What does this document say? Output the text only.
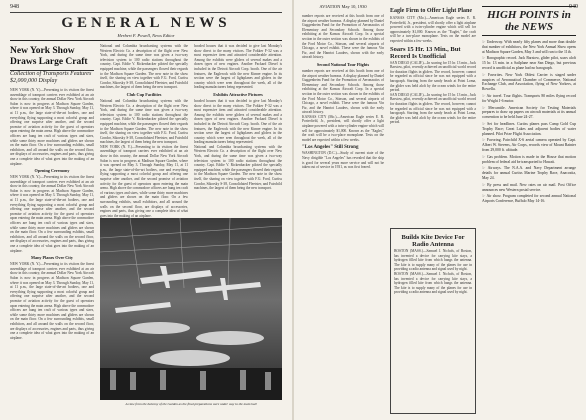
948
GENERAL NEWS
Herbert F. Powell, News Editor
New York Show Draws Large Craft
Collection of Transports Features $2,000,000 Display
NEW YORK (N. Y.)—Presenting to its visitors the finest assemblage of transport carriers ever exhibited at an air show in this country, the annual Dollar New York Aircraft Salon is now in progress at Madison Square Garden, where it was opened on May 3. Through Sunday, May 11, at 11 p.m., the large state-of-the-art bodiers, one and everything flying supporting a most colorful group and offering one surprise after another, and the second promise of aviation activity for the guest of operators upon entering the main arena. High above the commodore officers are hung ten craft of various types and sizes, while some thirty more machines and gliders are shown on the main floor. On a few surrounding exhibits, small exhibitors, and all around the walls on the second floor, are displays of accessories, engines and parts, thus giving one a complete idea of what goes into the making of an airplane.
Opening Ceremony
NEW YORK (N. Y.)—Presenting to its visitors the finest assemblage of transport carriers ever exhibited at an air show in this country, the annual Dollar New York Aircraft Salon is now in progress at Madison Square Garden, where it was opened on May 3. Through Sunday, May 11, at 11 p.m., the large state-of-the-art bodiers, one and everything flying supporting a most colorful group and offering one surprise after another, and the second promise of aviation activity for the guest of operators upon entering the main arena. High above the commodore officers are hung ten craft of various types and sizes, while some thirty more machines and gliders are shown on the main floor. On a few surrounding exhibits, small exhibitors, and all around the walls on the second floor, are displays of accessories, engines and parts, thus giving one a complete idea of what goes into the making of an airplane.
Many Planes Over City
NEW YORK (N. Y.)—Presenting to its visitors the finest assemblage of transport carriers ever exhibited at an air show in this country, the annual Dollar New York Aircraft Salon is now in progress at Madison Square Garden, where it was opened on May 3. Through Sunday, May 11, at 11 p.m., the large state-of-the-art bodiers, one and everything flying supporting a most colorful group and offering one surprise after another, and the second promise of aviation activity for the guest of operators upon entering the main arena. High above the commodore officers are hung ten craft of various types and sizes, while some thirty more machines and gliders are shown on the main floor. On a few surrounding exhibits, small exhibitors, and all around the walls on the second floor, are displays of accessories, engines and parts, thus giving one a complete idea of what goes into the making of an airplane.
National and Columbia broadcasting systems with the Western Electric Co. a description of the flight over New York, and during the same time was given a two-way television system to 100 radio stations throughout the country. Capt. Eddie V. Rickenbacker piloted the specially equipped machine, while the passengers flowed their regards to the Madison Square Garden. The new note in the show itself, the sharing on view together with F.G. Ford, Curtiss Condor, Sikorsky S-38, Consolidated Fleetster, and Fairchild machines, the largest of them being the new transport.
Club Cup Facilities
National and Columbia broadcasting systems with the Western Electric Co. a description of the flight over New York, and during the same time was given a two-way television system to 100 radio stations throughout the country. Capt. Eddie V. Rickenbacker piloted the specially equipped machine, while the passengers flowed their regards to the Madison Square Garden. The new note in the show itself, the sharing on view together with F.G. Ford, Curtiss Condor, Sikorsky S-38, Consolidated Fleetster, and Fairchild machines, the largest of them being the new transport.
NEW YORK (N. Y.)—Presenting to its visitors the finest assemblage of transport carriers ever exhibited at an air show in this country, the annual Dollar New York Aircraft Salon is now in progress at Madison Square Garden, where it was opened on May 3. Through Sunday, May 11, at 11 p.m., the large state-of-the-art bodiers, one and everything flying supporting a most colorful group and offering one surprise after another, and the second promise of aviation activity for the guest of operators upon entering the main arena. High above the commodore officers are hung ten craft of various types and sizes, while some thirty more machines and gliders are shown on the main floor. On a few surrounding exhibits, small exhibitors, and all around the walls on the second floor, are displays of accessories, engines and parts, thus giving one a complete idea of what goes into the making of an airplane.
hooded houses that it was decided to give last Monday's show direct to the many visitors. The Fokker F-32 was a most expensive item and attracted considerable attention. Among the exhibits were gliders of several makes and a dozen types of new engines. Another Packard Diesel is included in the Detroit Aircraft Corp. booth. One of the air features, the Eaglerock with the new Kinner engine. In its section were the largest of lightplanes and gliders in the country which were seen throughout the week, all of the leading manufacturers being represented.
Exhibits Attractive Pictures
hooded houses that it was decided to give last Monday's show direct to the many visitors. The Fokker F-32 was a most expensive item and attracted considerable attention. Among the exhibits were gliders of several makes and a dozen types of new engines. Another Packard Diesel is included in the Detroit Aircraft Corp. booth. One of the air features, the Eaglerock with the new Kinner engine. In its section were the largest of lightplanes and gliders in the country which were seen throughout the week, all of the leading manufacturers being represented.
National and Columbia broadcasting systems with the Western Electric Co. a description of the flight over New York, and during the same time was given a two-way television system to 100 radio stations throughout the country. Capt. Eddie V. Rickenbacker piloted the specially equipped machine, while the passengers flowed their regards to the Madison Square Garden. The new note in the show itself, the sharing on view together with F.G. Ford, Curtiss Condor, Sikorsky S-38, Consolidated Fleetster, and Fairchild machines, the largest of them being the new transport.
A view from the balcony of the Garden as the final preparations were under way to the main hall
949
AVIATION May 10, 1930
number reports are received at this booth from one of the airport weather bureaus. A display planned by Daniel Guggenheim Fund for the Promotion of Aeronautics of Elementary and Secondary Schools. Among those exhibiting at the Kansas Aircraft Corp. In a special section in the outer section was shown in the exhibits of the Ford Motor Co., Stinson, and several airports of Chicago, a novel exhibit. These were the famous Vin Fiz, and the Hanriot Lauders, shown with the early aircraft history.
Second National Tour Flights
number reports are received at this booth from one of the airport weather bureaus. A display planned by Daniel Guggenheim Fund for the Promotion of Aeronautics of Elementary and Secondary Schools. Among those exhibiting at the Kansas Aircraft Corp. In a special section in the outer section was shown in the exhibits of the Ford Motor Co., Stinson, and several airports of Chicago, a novel exhibit. These were the famous Vin Fiz, and the Hanriot Lauders, shown with the early aircraft history.
KANSAS CITY (Mo.)—American Eagle series E. R. Porterfield, Jr., president, will shortly offer a light airplane powered with a twin-cylinder engine which will sell for approximately $1,000. Known as the "Eaglet," the craft will be a two-place monoplane. Tests on the model are expected within a few weeks.
"Los Angeles" Still Strong
WASHINGTON (D.C.)—Study of current state of the Navy dirigible "Los Angeles" has revealed that the ship is good for several years more service and will not be taken out of service in 1931, as was first feared.
Eagle Firm to Offer Light Plane
KANSAS CITY (Mo.)—American Eagle series E. R. Porterfield, Jr., president, will shortly offer a light airplane powered with a twin-cylinder engine which will sell for approximately $1,000. Known as the "Eaglet," the craft will be a two-place monoplane. Tests on the model are expected within a few weeks.
Soars 15 Hr. 13 Min., But Record Is Unofficial
SAN DIEGO (CALIF.)—In soaring for 15 hr. 13 min., Jack Barstow, pilot, recently achieved an unofficial world record for duration flights in gliders. The record, however, cannot be regarded as official since he was not equipped with a barograph. Starting from the sandy beach at Point Loma, the glider was held aloft by the ocean winds for the entire period.
SAN DIEGO (CALIF.)—In soaring for 15 hr. 13 min., Jack Barstow, pilot, recently achieved an unofficial world record for duration flights in gliders. The record, however, cannot be regarded as official since he was not equipped with a barograph. Starting from the sandy beach at Point Loma, the glider was held aloft by the ocean winds for the entire period.
Builds Kite Device For Radio Antenna
BOSTON (MASS.)—Samuel J. Nichols, of Boston, has invented a device for carrying kite stays, a hydrogen filled kite from which hangs the antenna. The kite is to supply many of the planes for use in providing a radio antenna and signal used by night.
BOSTON (MASS.)—Samuel J. Nichols, of Boston, has invented a device for carrying kite stays, a hydrogen filled kite from which hangs the antenna. The kite is to supply many of the planes for use in providing a radio antenna and signal used by night.
HIGH POINTS in the NEWS
☞ Underway. With nearly fifty planes and more than double that number of exhibitors, the New York Annual Show opens at Madison Square Garden, May 3 and will run to the 11th.
☞ Barographic record. Jack Barstow, glider pilot, soars aloft 15 hr. 13 min. in a Sailplane near San Diego, but previous record is unofficial as plane had no barograph.
☞ Favorites. New York Oldest Carrier is staged under auspices of Aeronautical Chamber of Commerce, National Exchange Club, and Association, flying of New Yorkers, at Rowella.
☞ Air travel. Tour flights. Transports 80 miles flying record for Wright J-6 motor.
☞ Mercantile. American Society for Testing Materials prepares to draw up papers on aircraft materials at its annual convention to be held June 24-27.
☞ Set for headlines. Curtiss planes pass Camp Gold Cup Trophy Race; Great Lakes and adjacent bodies of water planned. Pilot Prize Flight Association.
☞ Favoring. Fairchild X-6 aerial camera operated by Capt. Albert W. Stevens, Air Corps, records view of Mount Rainier from 29,000 ft. altitude.
☞ Gas problem. Motion is made in the House that motion problem of federal aid be transported to Hawaii.
☞ Airways. The N.A.A. and Navy Department arrange details for annual Curtiss Marine Trophy Race, Anacostia, May 24.
☞ By press and mail. New rates on air mail. Post Office announces new Western postal service.
☞ Air show. Program completed for second annual National Airports Conference, Buffalo May 14-16.
